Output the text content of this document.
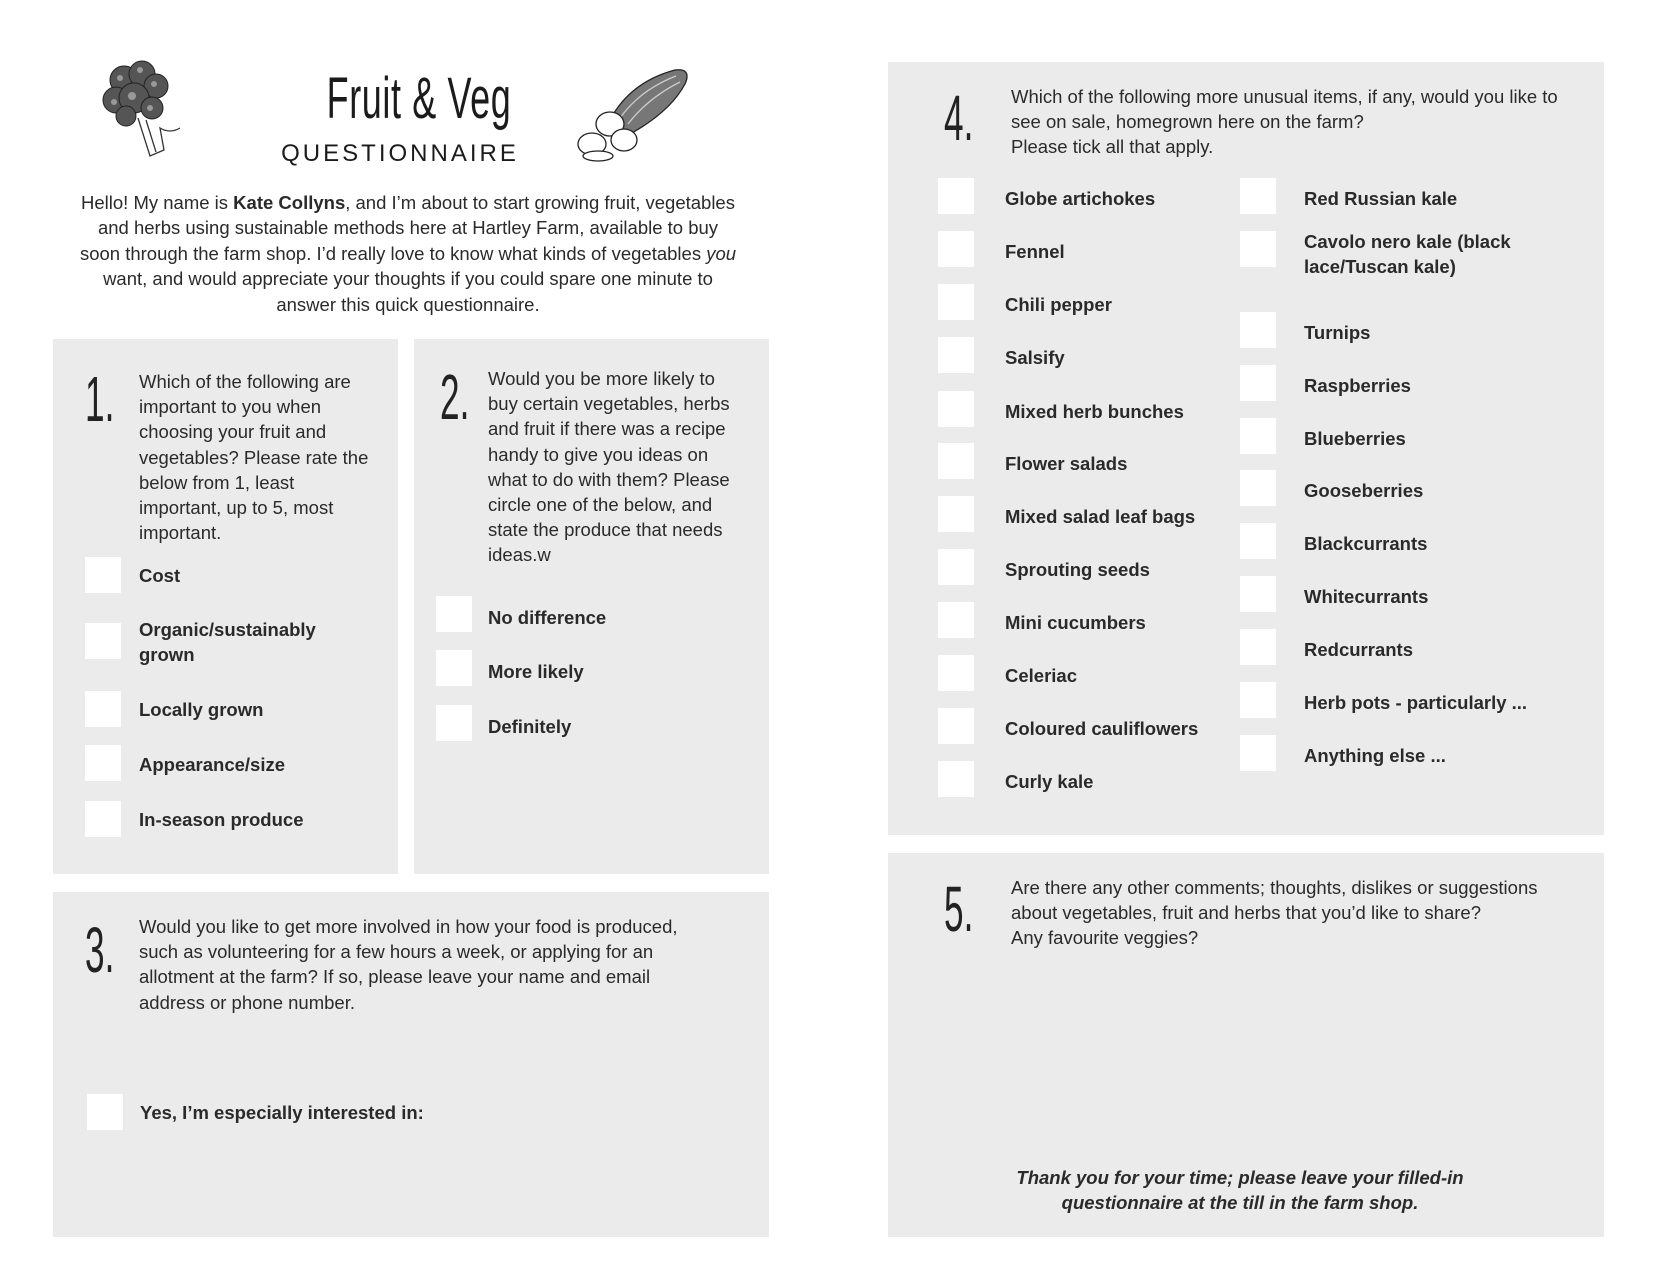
Fruit & Veg
QUESTIONNAIRE
Hello! My name is Kate Collyns, and I’m about to start growing fruit, vegetables and herbs using sustainable methods here at Hartley Farm, available to buy soon through the farm shop. I’d really love to know what kinds of vegetables you want, and would appreciate your thoughts if you could spare one minute to answer this quick questionnaire.
1. Which of the following are important to you when choosing your fruit and vegetables? Please rate the below from 1, least important, up to 5, most important.
Cost
Organic/sustainably grown
Locally grown
Appearance/size
In-season produce
2. Would you be more likely to buy certain vegetables, herbs and fruit if there was a recipe handy to give you ideas on what to do with them? Please circle one of the below, and state the produce that needs ideas.w
No difference
More likely
Definitely
3. Would you like to get more involved in how your food is produced, such as volunteering for a few hours a week, or applying for an allotment at the farm? If so, please leave your name and email address or phone number.
Yes, I’m especially interested in:
4. Which of the following more unusual items, if any, would you like to see on sale, homegrown here on the farm?
Please tick all that apply.
Globe artichokes
Fennel
Chili pepper
Salsify
Mixed herb bunches
Flower salads
Mixed salad leaf bags
Sprouting seeds
Mini cucumbers
Celeriac
Coloured cauliflowers
Curly kale
Red Russian kale
Cavolo nero kale (black lace/Tuscan kale)
Turnips
Raspberries
Blueberries
Gooseberries
Blackcurrants
Whitecurrants
Redcurrants
Herb pots - particularly ...
Anything else ...
5. Are there any other comments; thoughts, dislikes or suggestions about vegetables, fruit and herbs that you’d like to share?
Any favourite veggies?
Thank you for your time; please leave your filled-in questionnaire at the till in the farm shop.
